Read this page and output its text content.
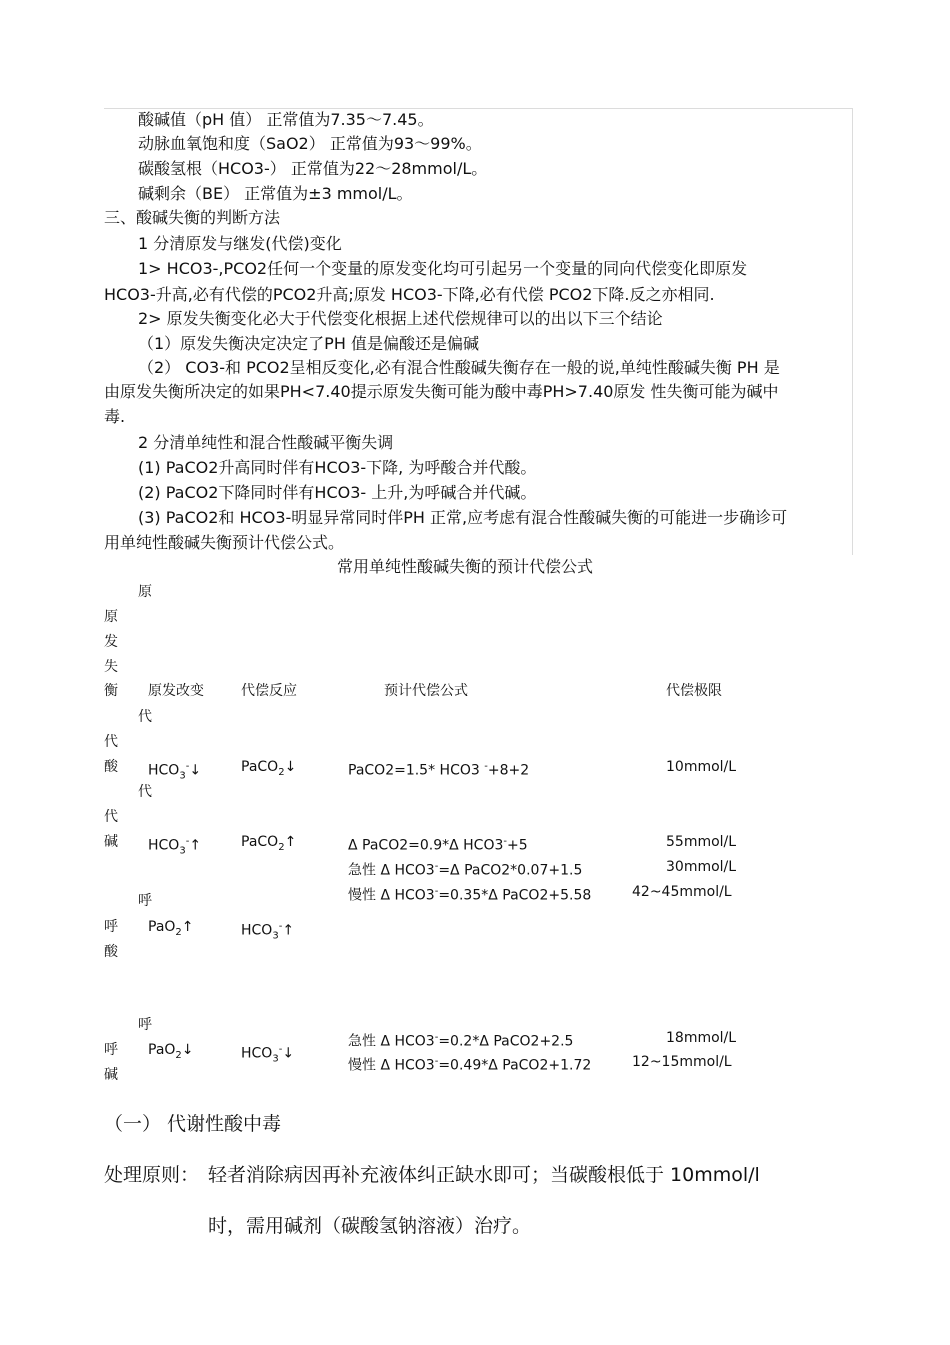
酸碱值（pH 值） 正常值为7.35～7.45。
动脉血氧饱和度（SaO2） 正常值为93～99%。
碳酸氢根（HCO3-） 正常值为22～28mmol/L。
碱剩余（BE） 正常值为±3 mmol/L。
三、酸碱失衡的判断方法
1 分清原发与继发(代偿)变化
1> HCO3-,PCO2任何一个变量的原发变化均可引起另一个变量的同向代偿变化即原发
HCO3-升高,必有代偿的PCO2升高;原发 HCO3-下降,必有代偿 PCO2下降.反之亦相同.
2> 原发失衡变化必大于代偿变化根据上述代偿规律可以的出以下三个结论
（1）原发失衡决定决定了PH 值是偏酸还是偏碱
（2） CO3-和 PCO2呈相反变化,必有混合性酸碱失衡存在一般的说,单纯性酸碱失衡 PH 是
由原发失衡所决定的如果PH<7.40提示原发失衡可能为酸中毒PH>7.40原发 性失衡可能为碱中
毒.
2 分清单纯性和混合性酸碱平衡失调
(1) PaCO2升高同时伴有HCO3-下降, 为呼酸合并代酸。
(2) PaCO2下降同时伴有HCO3- 上升,为呼碱合并代碱。
(3) PaCO2和 HCO3-明显异常同时伴PH 正常,应考虑有混合性酸碱失衡的可能进一步确诊可
用单纯性酸碱失衡预计代偿公式。
常用单纯性酸碱失衡的预计代偿公式
原
原
发
失
衡 原发改变	代偿反应	预计代偿公式	代偿极限
代
代
酸 $HCO_3^-↓$	PaCO$_2$↓	PaCO2=1.5* HCO3 -+8+2	10mmol/L
代
代
碱 $HCO_3^-↑$	PaCO$_2$↑	Δ PaCO2=0.9*Δ HCO3-+5	55mmol/L
急性 Δ HCO3-=Δ PaCO2*0.07+1.5	30mmol/L
慢性 Δ HCO3-=0.35*Δ PaCO2+5.58	42~45mmol/L
呼
呼
酸
PaO$_2$↑	$HCO_3^-↑$
呼
呼
碱
PaO$_2$↓	$HCO_3^-↓$
急性 Δ HCO3-=0.2*Δ PaCO2+2.5	18mmol/L
慢性 Δ HCO3-=0.49*Δ PaCO2+1.72	12~15mmol/L
（一） 代谢性酸中毒
处理原则： 轻者消除病因再补充液体纠正缺水即可；当碳酸根低于 10mmol/l
时，需用碱剂（碳酸氢钠溶液）治疗。
